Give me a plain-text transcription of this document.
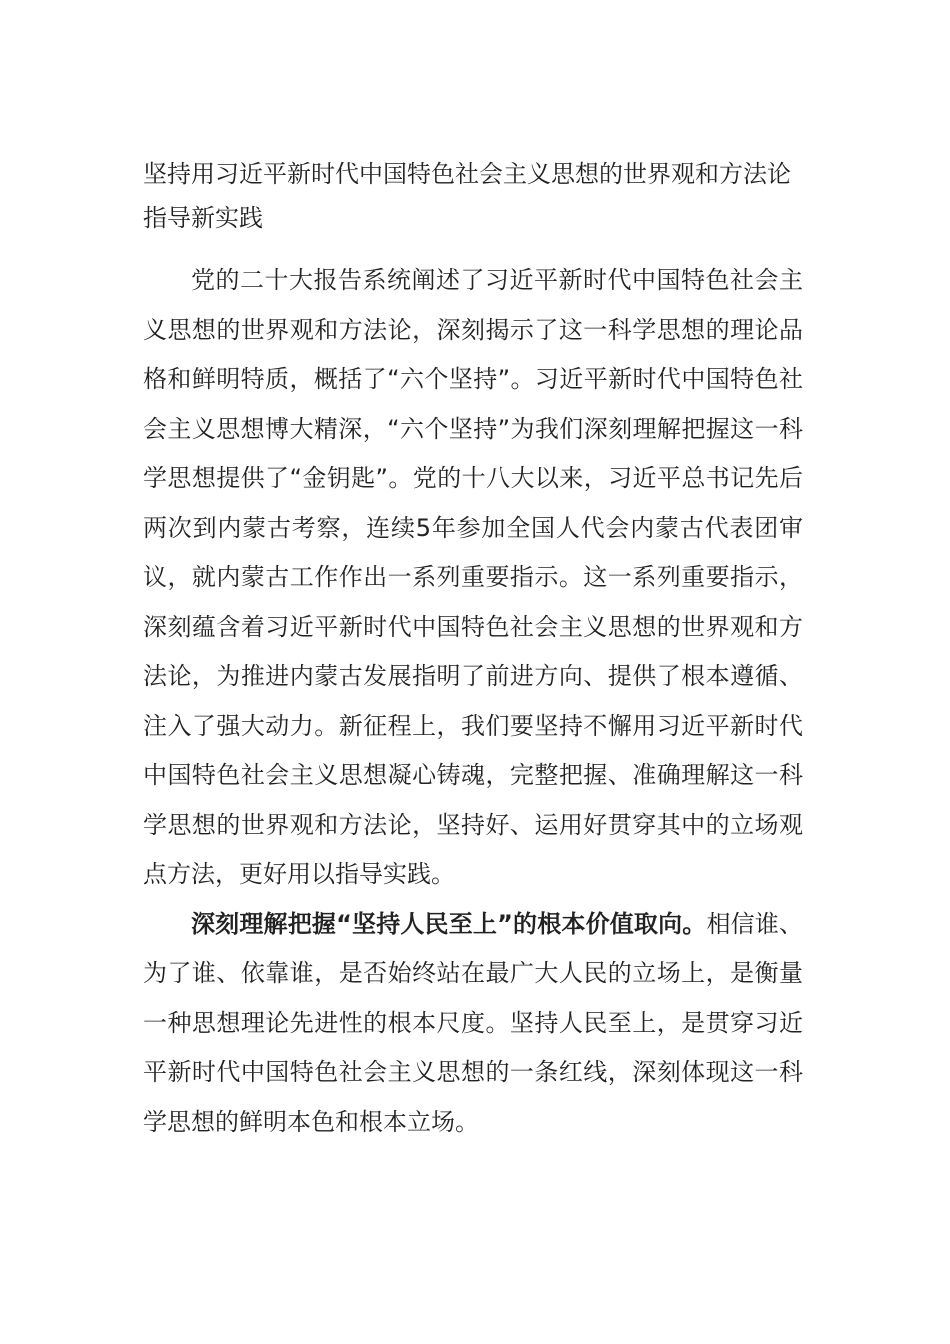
坚持用习近平新时代中国特色社会主义思想的世界观和方法论指导新实践

党的二十大报告系统阐述了习近平新时代中国特色社会主义思想的世界观和方法论，深刻揭示了这一科学思想的理论品格和鲜明特质，概括了“六个坚持”。习近平新时代中国特色社会主义思想博大精深，“六个坚持”为我们深刻理解把握这一科学思想提供了“金钥匙”。党的十八大以来，习近平总书记先后两次到内蒙古考察，连续5年参加全国人代会内蒙古代表团审议，就内蒙古工作作出一系列重要指示。这一系列重要指示，深刻蕴含着习近平新时代中国特色社会主义思想的世界观和方法论，为推进内蒙古发展指明了前进方向、提供了根本遵循、注入了强大动力。新征程上，我们要坚持不懈用习近平新时代中国特色社会主义思想凝心铸魂，完整把握、准确理解这一科学思想的世界观和方法论，坚持好、运用好贯穿其中的立场观点方法，更好用以指导实践。

深刻理解把握“坚持人民至上”的根本价值取向。相信谁、为了谁、依靠谁，是否始终站在最广大人民的立场上，是衡量一种思想理论先进性的根本尺度。坚持人民至上，是贯穿习近平新时代中国特色社会主义思想的一条红线，深刻体现这一科学思想的鲜明本色和根本立场。
